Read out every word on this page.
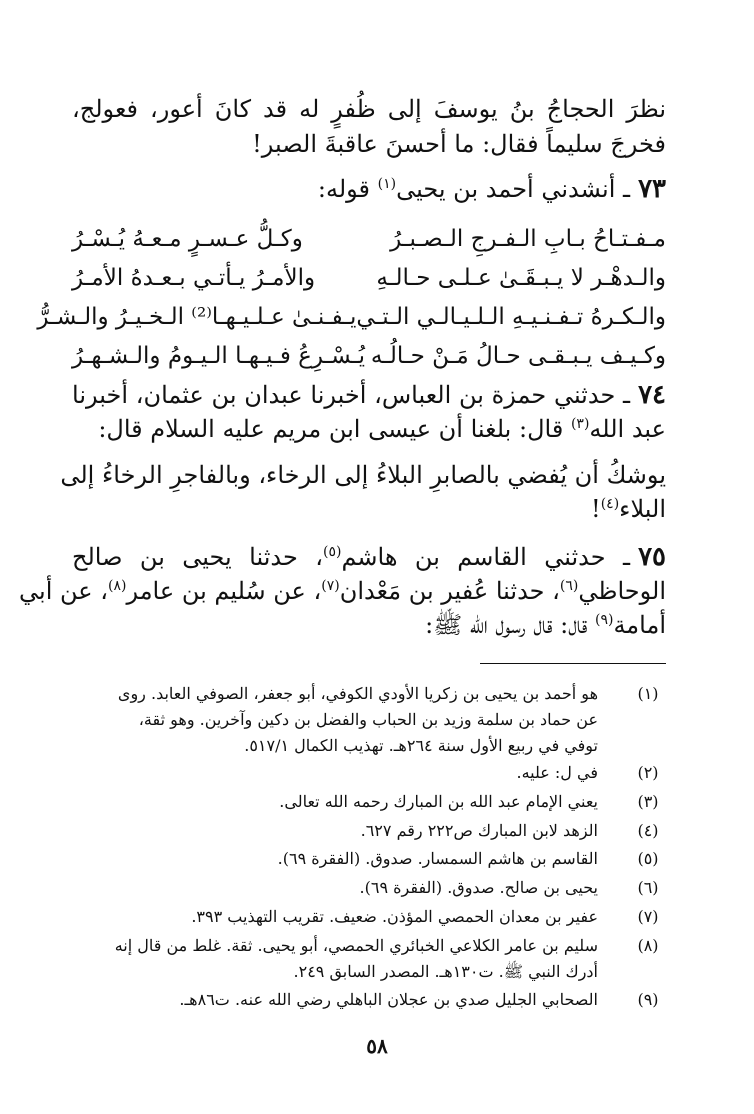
نظرَ الحجاجُ بنُ يوسفَ إلى ظُفرٍ له قد كانَ أعور، فعولج،
فخرجَ سليماً فقال: ما أحسنَ عاقبةَ الصبر!
٧٣ـ أنشدني أحمد بن يحيى$^{(١)}$ قوله:
مـفـتـاحُ بـابِ الـفـرجِ الـصـبـرُ
وكـلُّ عـسـرٍ مـعـهُ يُـسْـرُ
والـدهْـر لا يـبـقَـىٰ عـلـى حـالـهِ
والأمـرُ يـأتـي بـعـدهُ الأمـرُ
والـكـرهُ تـفـنـيـهِ الـلـيـالـي الـتـي
يـفـنـىٰ عـلـيـهـا⁽²⁾ الـخـيـرُ والـشـرُّ
وكـيـف يـبـقـى حـالُ مَـنْ حـالُـه
يُـسْـرِعُ فـيـهـا الـيـومُ والـشـهـرُ
٧٤ـ حدثني حمزة بن العباس، أخبرنا عبدان بن عثمان، أخبرنا
عبد الله$^{(٣)}$ قال: بلغنا أن عيسى ابن مريم عليه السلام قال:
يوشكُ أن يُفضي بالصابرِ البلاءُ إلى الرخاء، وبالفاجرِ الرخاءُ إلى
البلاء$^{(٤)}$!
٧٥ـ حدثني القاسم بن هاشم$^{(٥)}$، حدثنا يحيى بن صالح
الوحاظي$^{(٦)}$، حدثنا عُفير بن مَعْدان$^{(٧)}$، عن سُليم بن عامر$^{(٨)}$، عن أبي
أمامة$^{(٩)}$ قال: قال رسول الله ﷺ:
(١)
هو أحمد بن يحيى بن زكريا الأودي الكوفي، أبو جعفر، الصوفي العابد. روى
عن حماد بن سلمة وزيد بن الحباب والفضل بن دكين وآخرين. وهو ثقة،
توفي في ربيع الأول سنة ٢٦٤هـ. تهذيب الكمال ٥١٧/١.
(٢)
في ل: عليه.
(٣)
يعني الإمام عبد الله بن المبارك رحمه الله تعالى.
(٤)
الزهد لابن المبارك ص٢٢٢ رقم ٦٢٧.
(٥)
القاسم بن هاشم السمسار. صدوق. (الفقرة ٦٩).
(٦)
يحيى بن صالح. صدوق. (الفقرة ٦٩).
(٧)
عفير بن معدان الحمصي المؤذن. ضعيف. تقريب التهذيب ٣٩٣.
(٨)
سليم بن عامر الكلاعي الخبائري الحمصي، أبو يحيى. ثقة. غلط من قال إنه
أدرك النبي ﷺ. ت١٣٠هـ. المصدر السابق ٢٤٩.
(٩)
الصحابي الجليل صدي بن عجلان الباهلي رضي الله عنه. ت٨٦هـ.
٥٨
